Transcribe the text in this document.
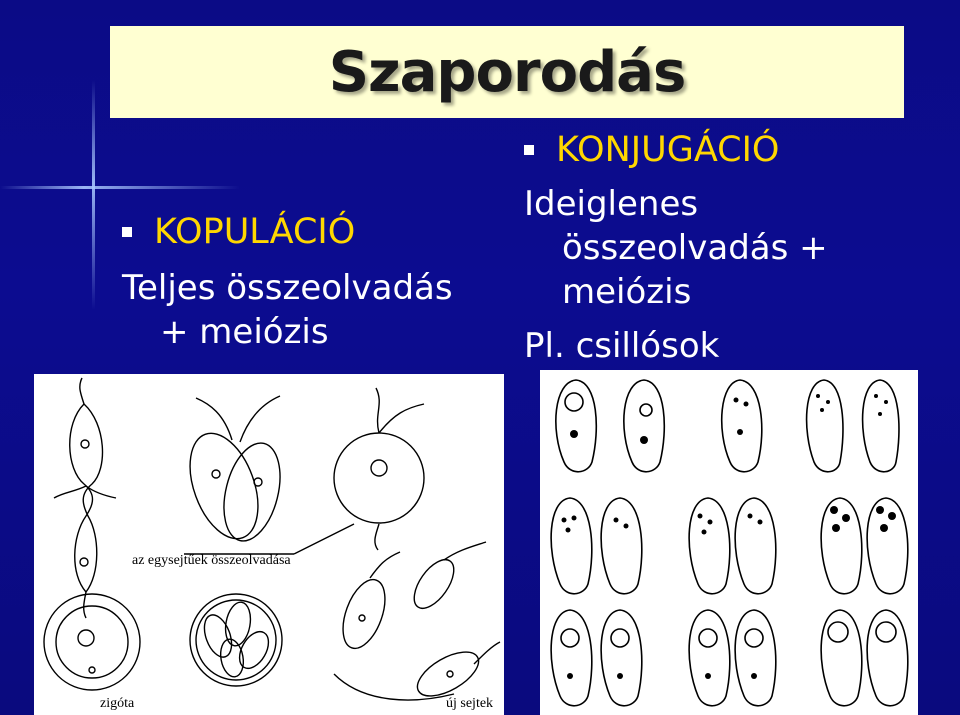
Szaporodás
KOPULÁCIÓ
Teljes összeolvadás
+ meiózis
KONJUGÁCIÓ
Ideiglenes
összeolvadás +
meiózis
Pl. csillósok
az egysejtűek összeolvadása
zigóta	új sejtek
